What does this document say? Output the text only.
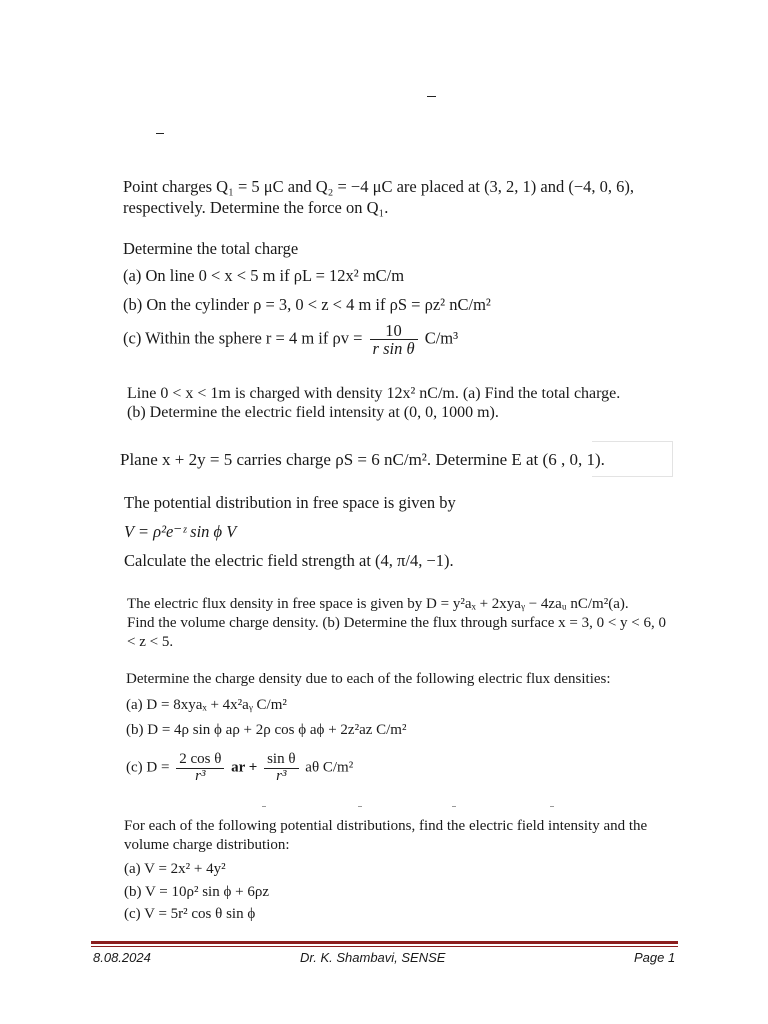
Point charges Q₁ = 5 μC and Q₂ = −4 μC are placed at (3, 2, 1) and (−4, 0, 6),
respectively. Determine the force on Q₁.
Determine the total charge
(a) On line 0 < x < 5 m if ρL = 12x² mC/m
(b) On the cylinder ρ = 3, 0 < z < 4 m if ρS = ρz² nC/m²
(c) Within the sphere r = 4 m if $\rho v = \frac{10}{\text{r sin θ}} C/m^3$
Line 0 < x < 1m is charged with density 12x² nC/m. (a) Find the total charge.
(b) Determine the electric field intensity at (0, 0, 1000 m).
Plane x + 2y = 5 carries charge ρS = 6 nC/m². Determine E at (6 , 0, 1).
The potential distribution in free space is given by
V = ρ²e⁻ᶻ sin ϕ V
Calculate the electric field strength at (4, π/4, −1).
The electric flux density in free space is given by D = y²aₓ + 2xyaᵧ − 4zaᵤ nC/m²(a).
Find the volume charge density. (b) Determine the flux through surface x = 3, 0 < y < 6, 0
< z < 5.
Determine the charge density due to each of the following electric flux densities:
(a) D = 8xyaₓ + 4x²aᵧ C/m²
(b) D = 4ρ sin ϕ aρ + 2ρ cos ϕ aϕ + 2z²az C/m²
(c) $D = \frac{\text{2 cos θ}}{\text{r³}}$ ar + $\frac{\text{sin θ}}{\text{r³}}$ aθ C/m²
For each of the following potential distributions, find the electric field intensity and the
volume charge distribution:
(a) V = 2x² + 4y²
(b) V = 10ρ² sin ϕ + 6ρz
(c) V = 5r² cos θ sin ϕ
8.08.2024	Dr. K. Shambavi, SENSE	Page 1
